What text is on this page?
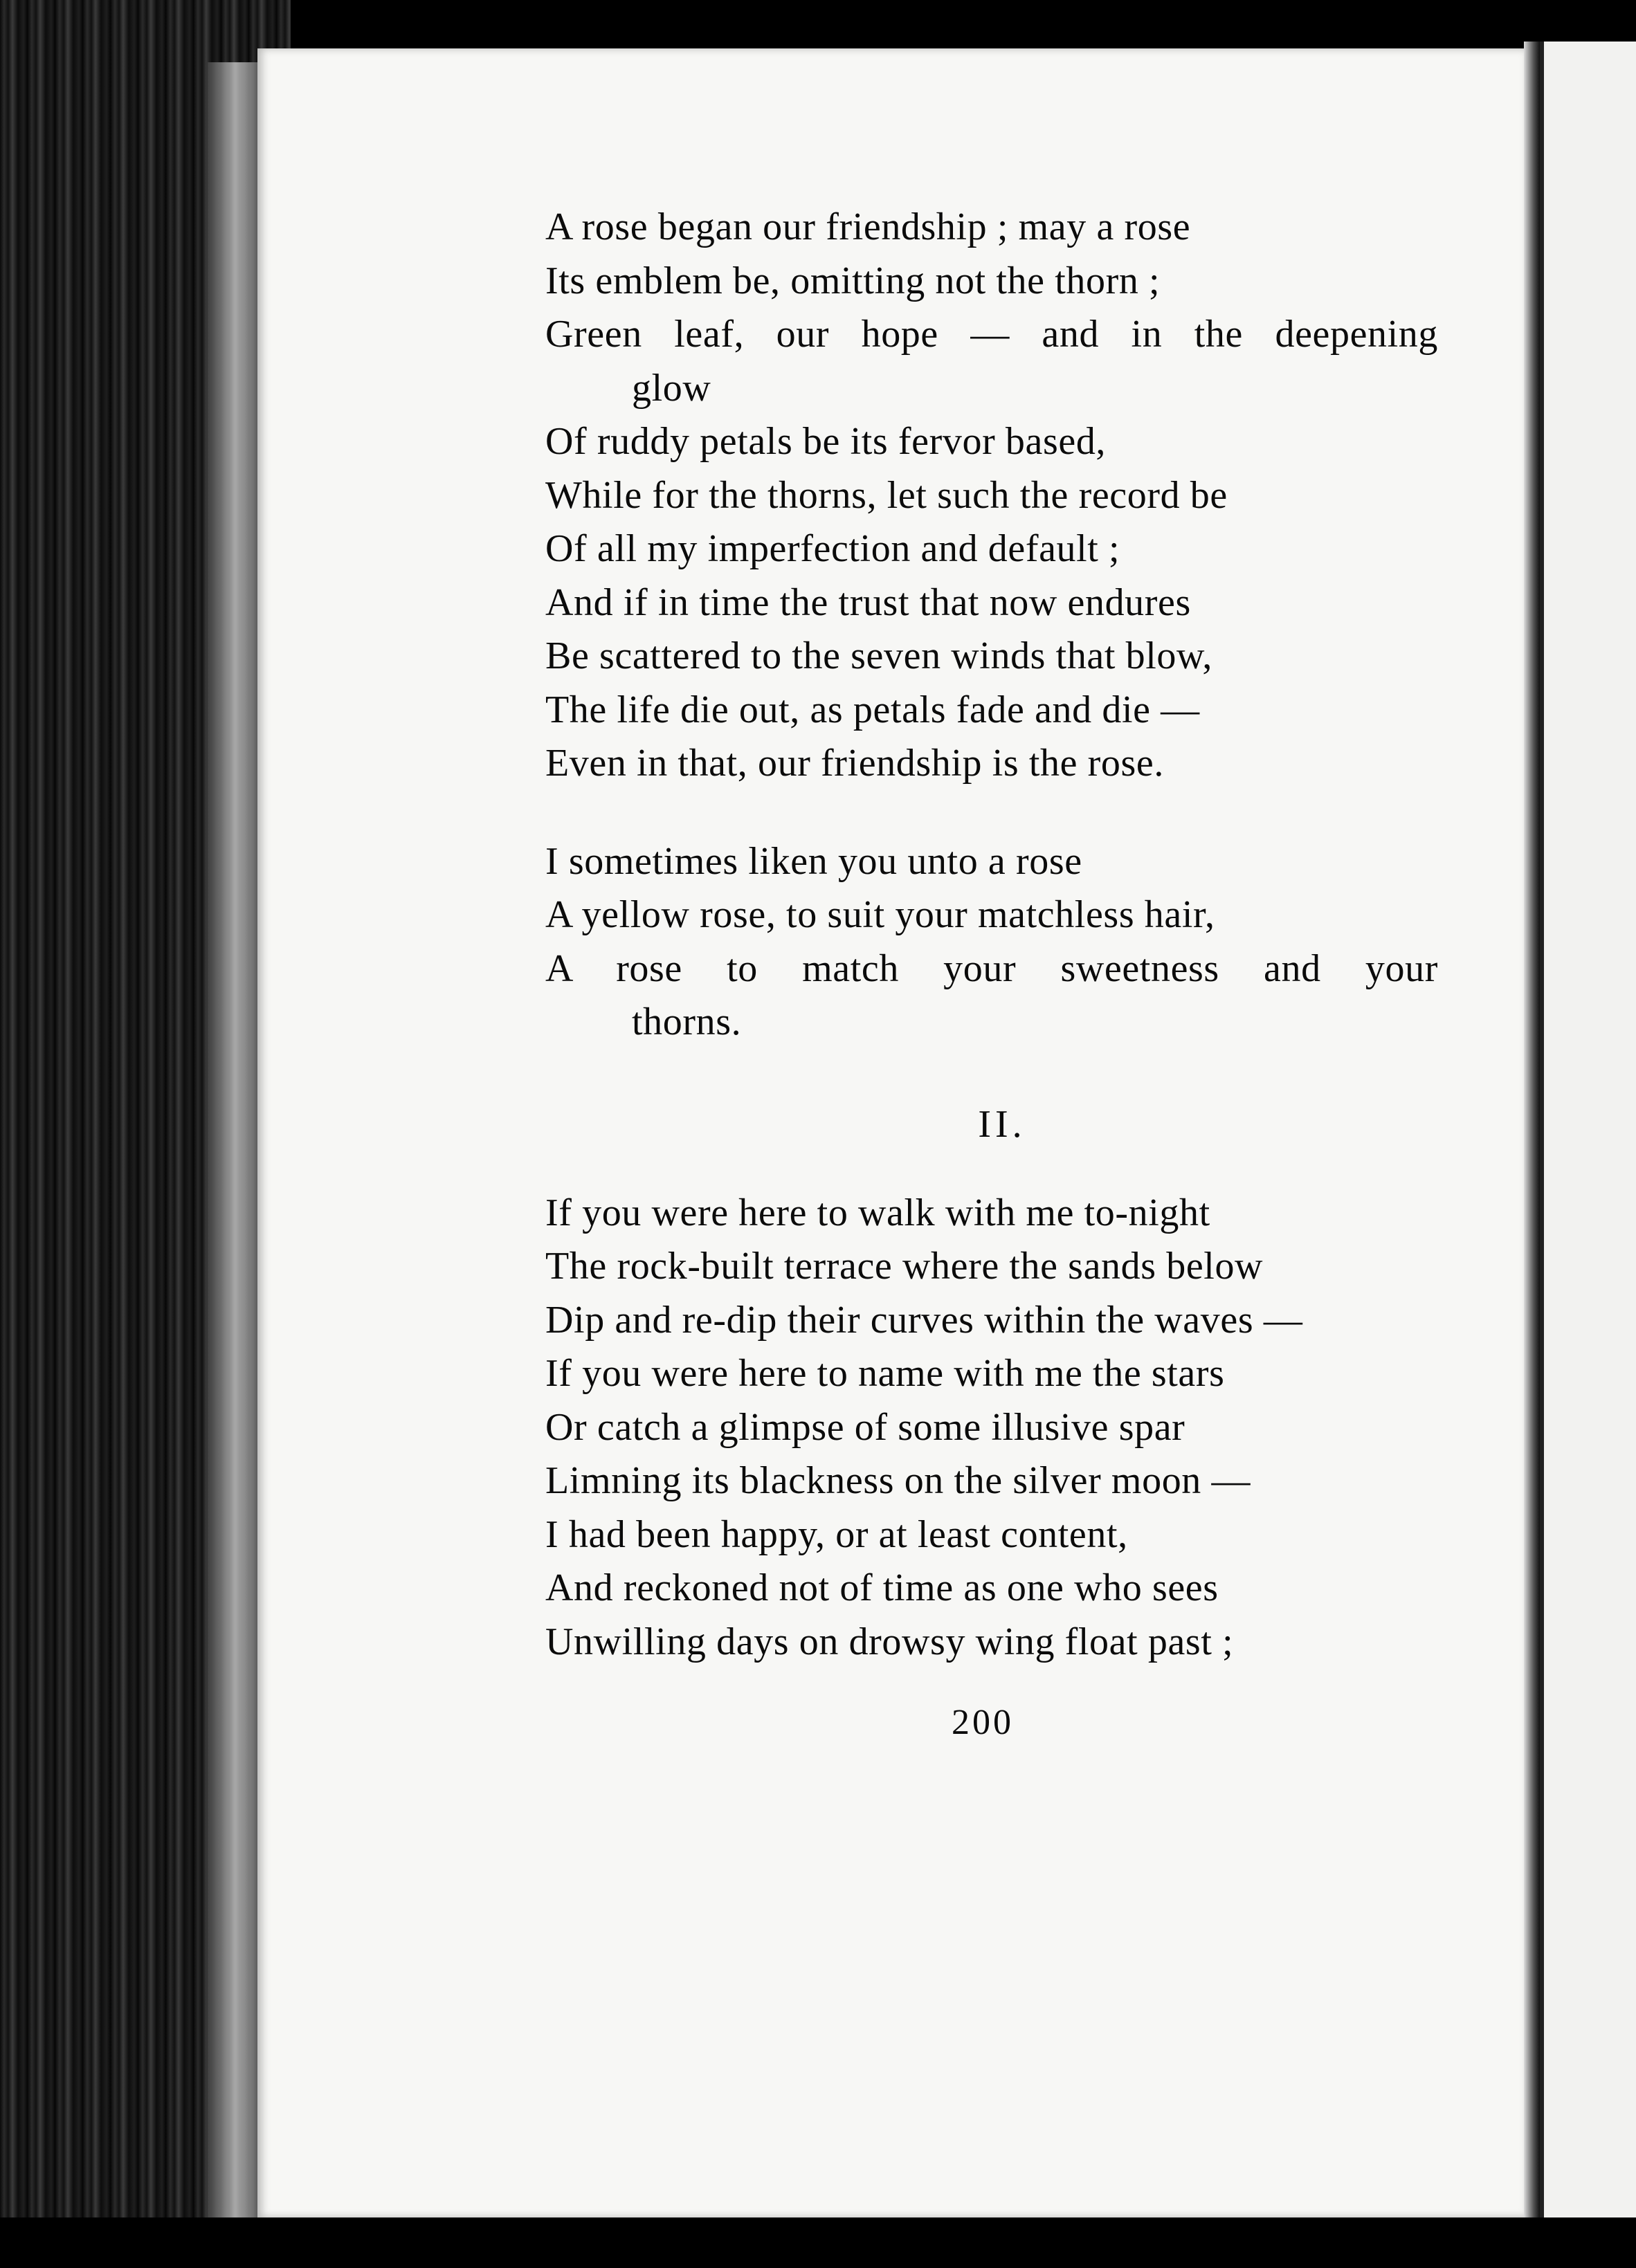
A rose began our friendship ; may a rose
Its emblem be, omitting not the thorn ;
Green leaf, our hope — and in the deepening
glow
Of ruddy petals be its fervor based,
While for the thorns, let such the record be
Of all my imperfection and default ;
And if in time the trust that now endures
Be scattered to the seven winds that blow,
The life die out, as petals fade and die —
Even in that, our friendship is the rose.
I sometimes liken you unto a rose
A yellow rose, to suit your matchless hair,
A rose to match your sweetness and your
thorns.
II.
If you were here to walk with me to-night
The rock-built terrace where the sands below
Dip and re-dip their curves within the waves —
If you were here to name with me the stars
Or catch a glimpse of some illusive spar
Limning its blackness on the silver moon —
I had been happy, or at least content,
And reckoned not of time as one who sees
Unwilling days on drowsy wing float past ;
200
